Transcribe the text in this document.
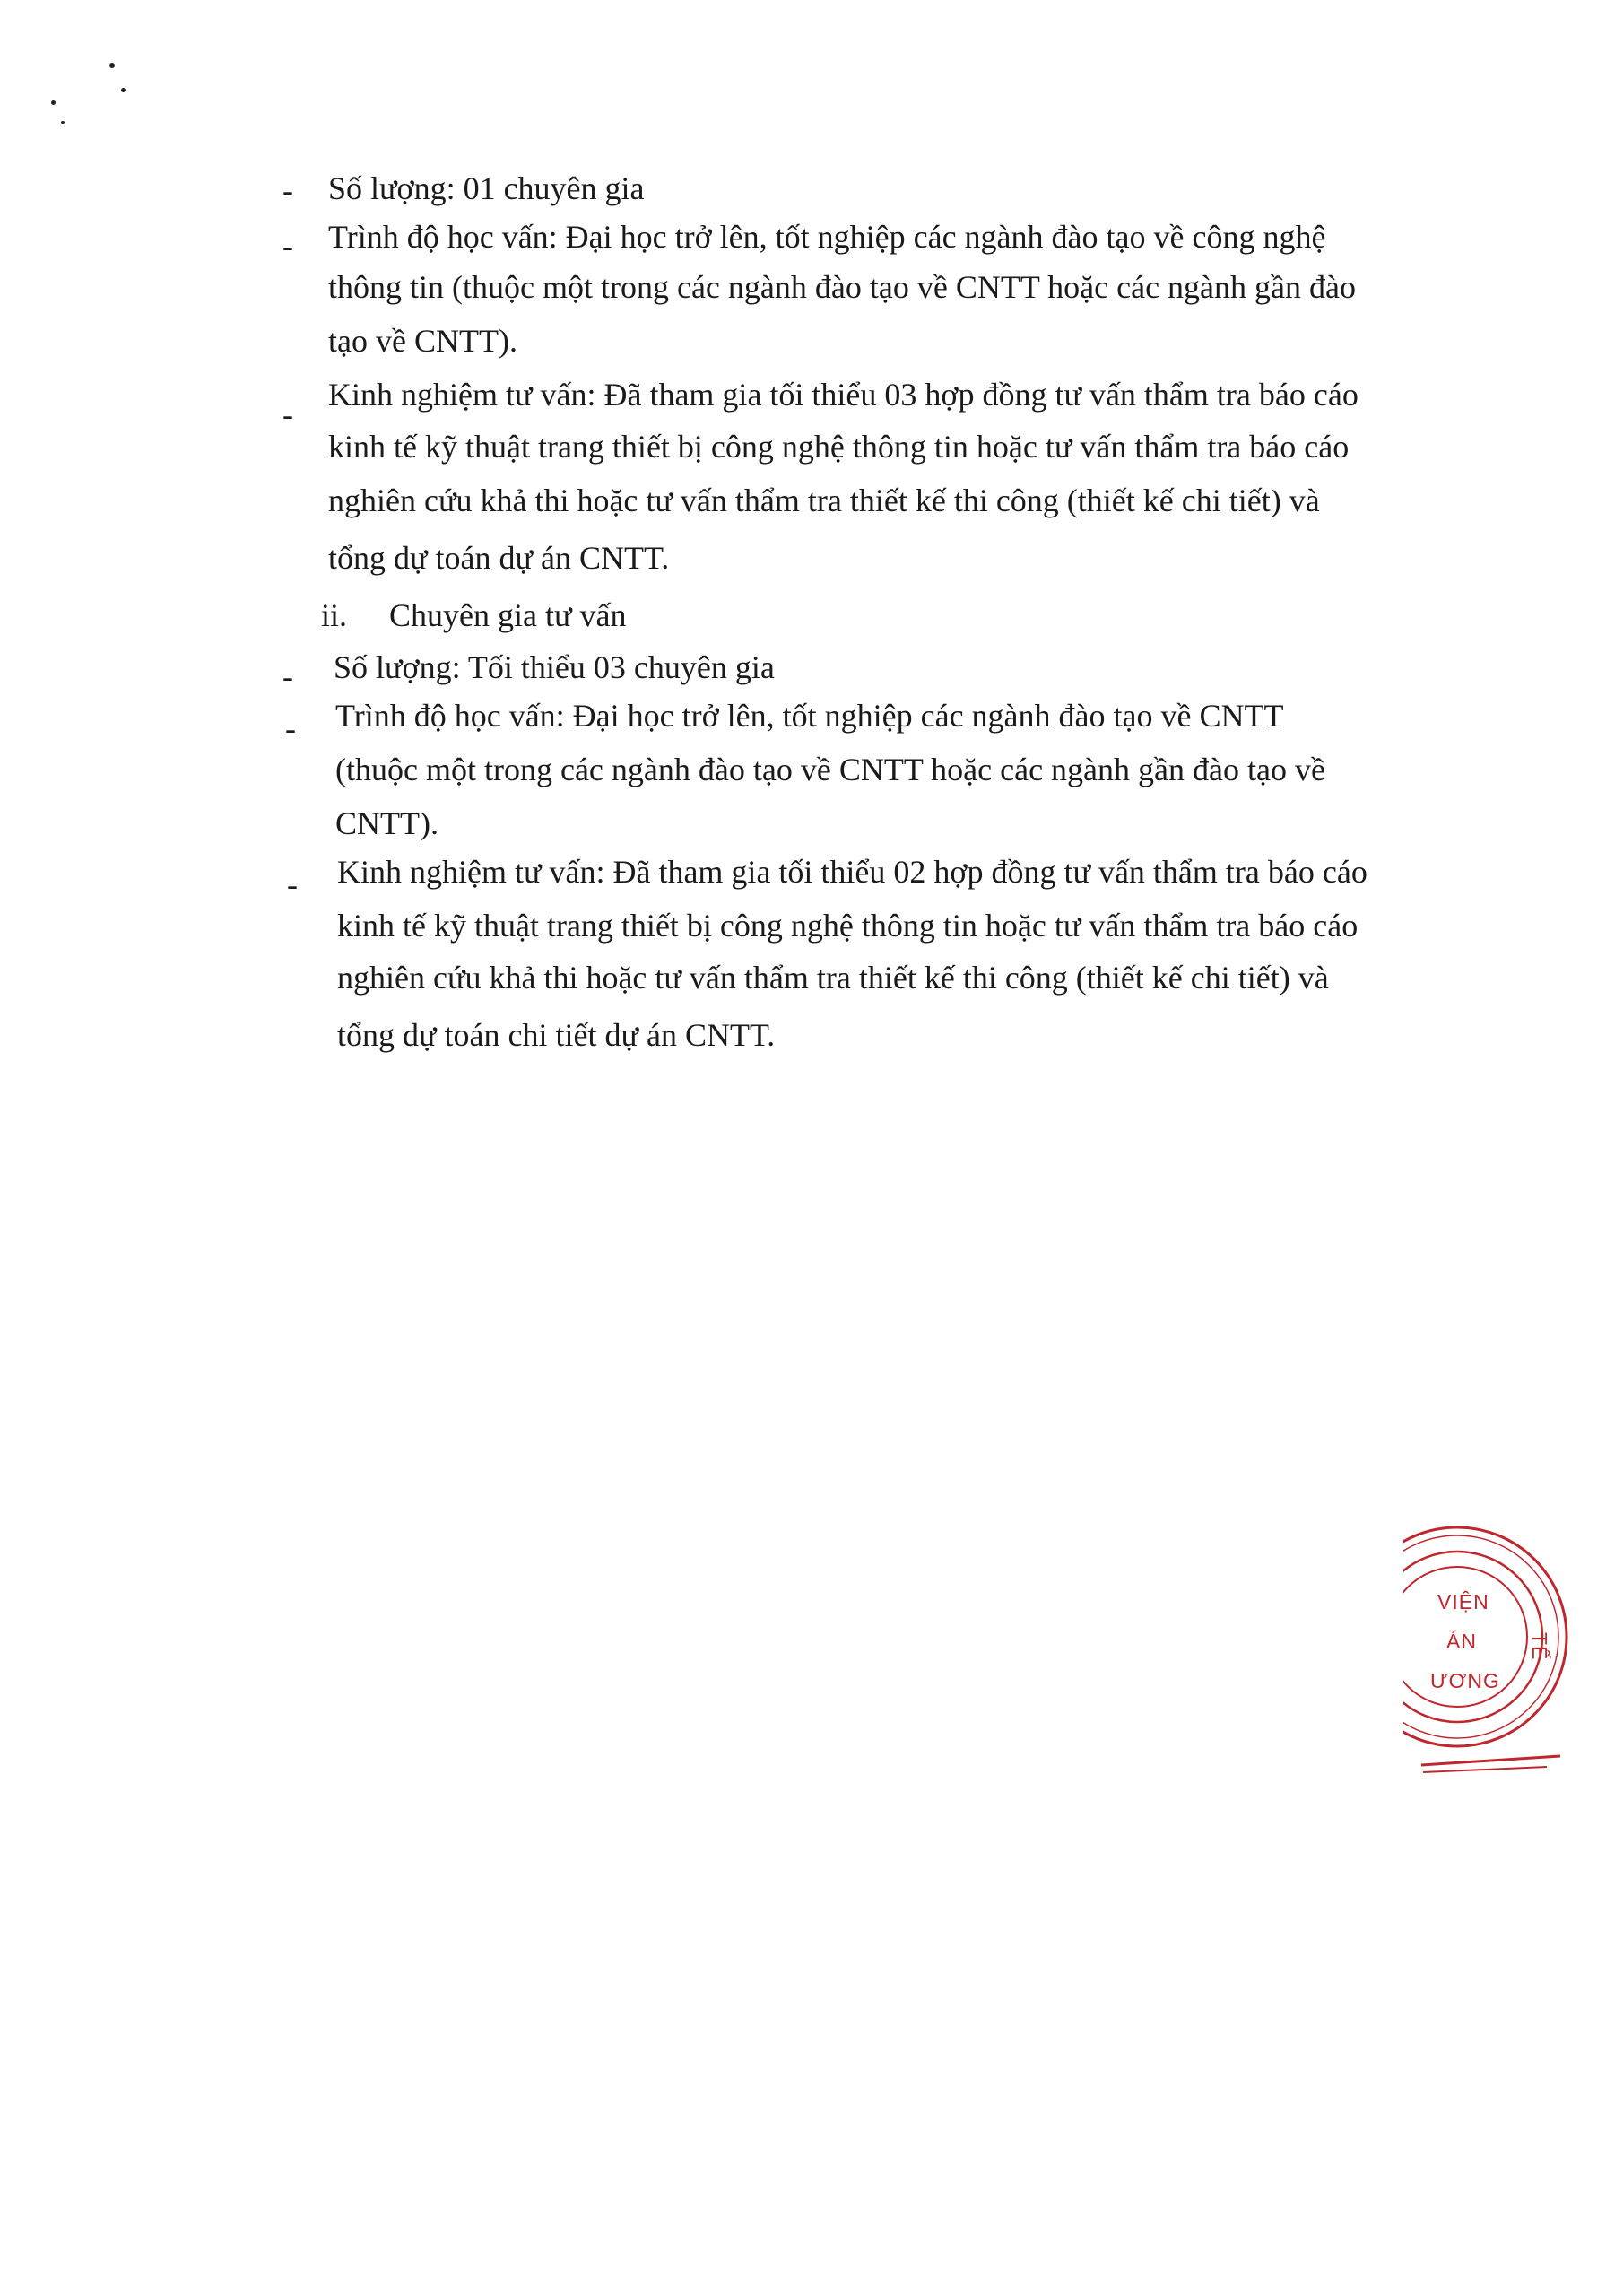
- Số lượng: 01 chuyên gia
- Trình độ học vấn: Đại học trở lên, tốt nghiệp các ngành đào tạo về công nghệ
thông tin (thuộc một trong các ngành đào tạo về CNTT hoặc các ngành gần đào
tạo về CNTT).
-
Kinh nghiệm tư vấn: Đã tham gia tối thiểu 03 hợp đồng tư vấn thẩm tra báo cáo
kinh tế kỹ thuật trang thiết bị công nghệ thông tin hoặc tư vấn thẩm tra báo cáo
nghiên cứu khả thi hoặc tư vấn thẩm tra thiết kế thi công (thiết kế chi tiết) và
tổng dự toán dự án CNTT.
ii. Chuyên gia tư vấn
- Số lượng: Tối thiểu 03 chuyên gia
- Trình độ học vấn: Đại học trở lên, tốt nghiệp các ngành đào tạo về CNTT
(thuộc một trong các ngành đào tạo về CNTT hoặc các ngành gần đào tạo về
CNTT).
- Kinh nghiệm tư vấn: Đã tham gia tối thiểu 02 hợp đồng tư vấn thẩm tra báo cáo
kinh tế kỹ thuật trang thiết bị công nghệ thông tin hoặc tư vấn thẩm tra báo cáo
nghiên cứu khả thi hoặc tư vấn thẩm tra thiết kế thi công (thiết kế chi tiết) và
tổng dự toán chi tiết dự án CNTT.
VIỆN
ÁN
ƯƠNG
TẾ
